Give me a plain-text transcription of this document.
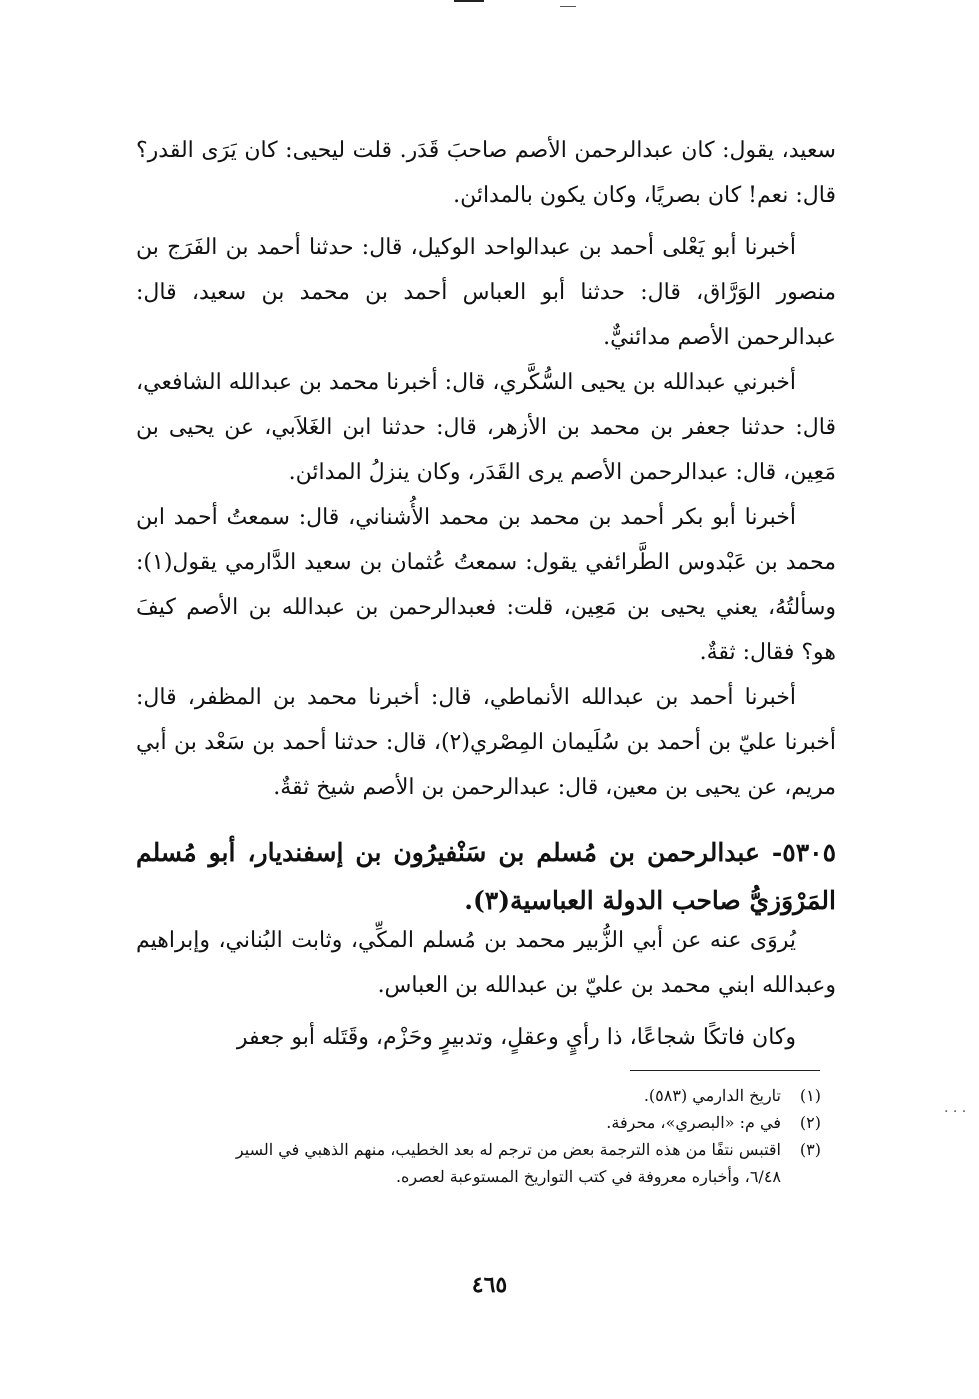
سعيد، يقول: كان عبدالرحمن الأصم صاحبَ قَدَر. قلت ليحيى: كان يَرَى القدر؟ قال: نعم! كان بصريًا، وكان يكون بالمدائن.

أخبرنا أبو يَعْلى أحمد بن عبدالواحد الوكيل، قال: حدثنا أحمد بن الفَرَج بن منصور الوَرَّاق، قال: حدثنا أبو العباس أحمد بن محمد بن سعيد، قال: عبدالرحمن الأصم مدائنيٌّ.

أخبرني عبدالله بن يحيى السُّكَّري، قال: أخبرنا محمد بن عبدالله الشافعي، قال: حدثنا جعفر بن محمد بن الأزهر، قال: حدثنا ابن الغَلاَبي، عن يحيى بن مَعِين، قال: عبدالرحمن الأصم يرى القَدَر، وكان ينزلُ المدائن.

أخبرنا أبو بكر أحمد بن محمد بن محمد الأُشناني، قال: سمعتُ أحمد ابن محمد بن عَبْدوس الطَّرائفي يقول: سمعتُ عُثمان بن سعيد الدَّارمي يقول(١): وسألتُهُ، يعني يحيى بن مَعِين، قلت: فعبدالرحمن بن عبدالله بن الأصم كيفَ هو؟ فقال: ثقةٌ.

أخبرنا أحمد بن عبدالله الأنماطي، قال: أخبرنا محمد بن المظفر، قال: أخبرنا عليّ بن أحمد بن سُلَيمان المِصْري(٢)، قال: حدثنا أحمد بن سَعْد بن أبي مريم، عن يحيى بن معين، قال: عبدالرحمن بن الأصم شيخ ثقةٌ.

٥٣٠٥- عبدالرحمن بن مُسلم بن سَنْفيرُون بن إسفنديار، أبو مُسلم المَرْوَزيُّ صاحب الدولة العباسية(٣).

يُروَى عنه عن أبي الزُّبير محمد بن مُسلم المكِّي، وثابت البُناني، وإبراهيم وعبدالله ابني محمد بن عليّ بن عبدالله بن العباس.

وكان فاتكًا شجاعًا، ذا رأيٍ وعقلٍ، وتدبيرٍ وحَزْم، وقَتَله أبو جعفر

(١)تاريخ الدارمي (٥٨٣).

(٢)في م: «البصري»، محرفة.

(٣)اقتبس نتفًا من هذه الترجمة بعض من ترجم له بعد الخطيب، منهم الذهبي في السير

٦/٤٨، وأخباره معروفة في كتب التواريخ المستوعبة لعصره.

٤٦٥
. . .
